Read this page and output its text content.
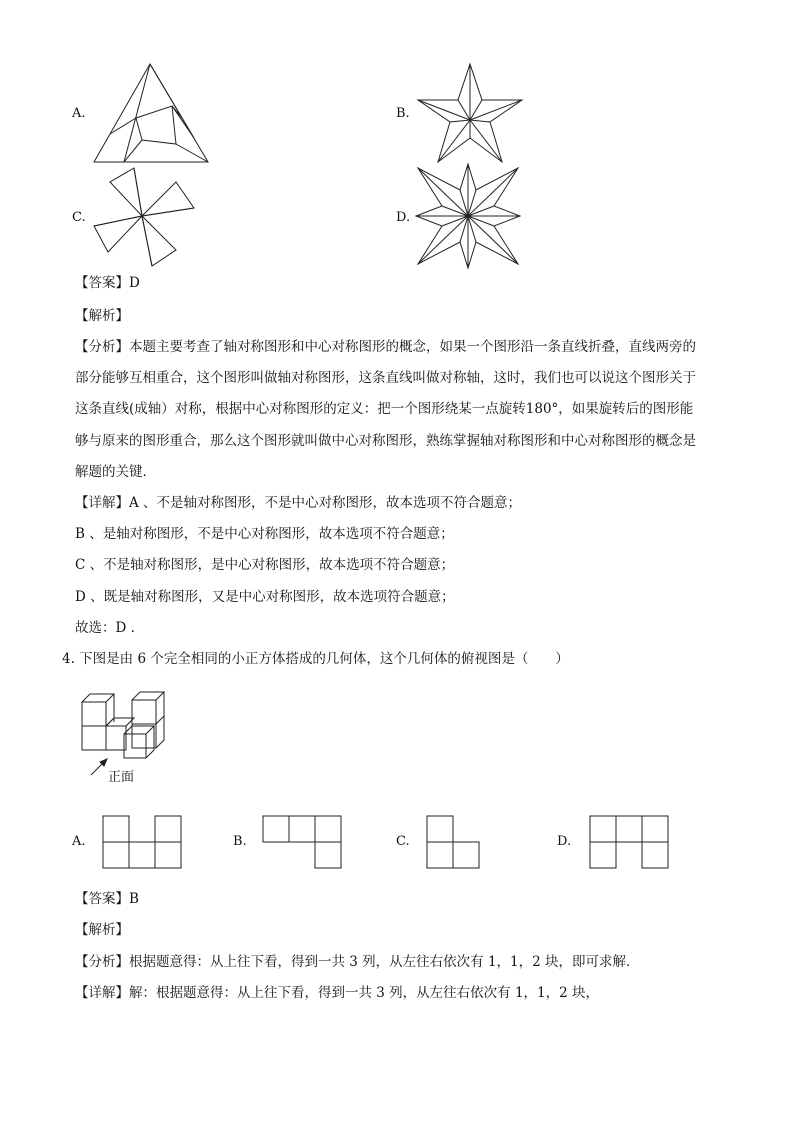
A.	B.
C.	D.
【答案】D
【解析】
【分析】本题主要考查了轴对称图形和中心对称图形的概念，如果一个图形沿一条直线折叠，直线两旁的
部分能够互相重合，这个图形叫做轴对称图形，这条直线叫做对称轴，这时，我们也可以说这个图形关于
这条直线(成轴）对称，根据中心对称图形的定义：把一个图形绕某一点旋转180°，如果旋转后的图形能
够与原来的图形重合，那么这个图形就叫做中心对称图形，熟练掌握轴对称图形和中心对称图形的概念是
解题的关键．
【详解】A 、不是轴对称图形，不是中心对称图形，故本选项不符合题意；
B 、是轴对称图形，不是中心对称图形，故本选项不符合题意；
C 、不是轴对称图形，是中心对称图形，故本选项不符合题意；
D 、既是轴对称图形，又是中心对称图形，故本选项符合题意；
故选：D .
4. 下图是由 6 个完全相同的小正方体搭成的几何体，这个几何体的俯视图是（　　）
正面
A.	B.	C.	D.
【答案】B
【解析】
【分析】根据题意得：从上往下看，得到一共 3 列，从左往右依次有 1，1，2 块，即可求解．
【详解】解：根据题意得：从上往下看，得到一共 3 列，从左往右依次有 1，1，2 块，
